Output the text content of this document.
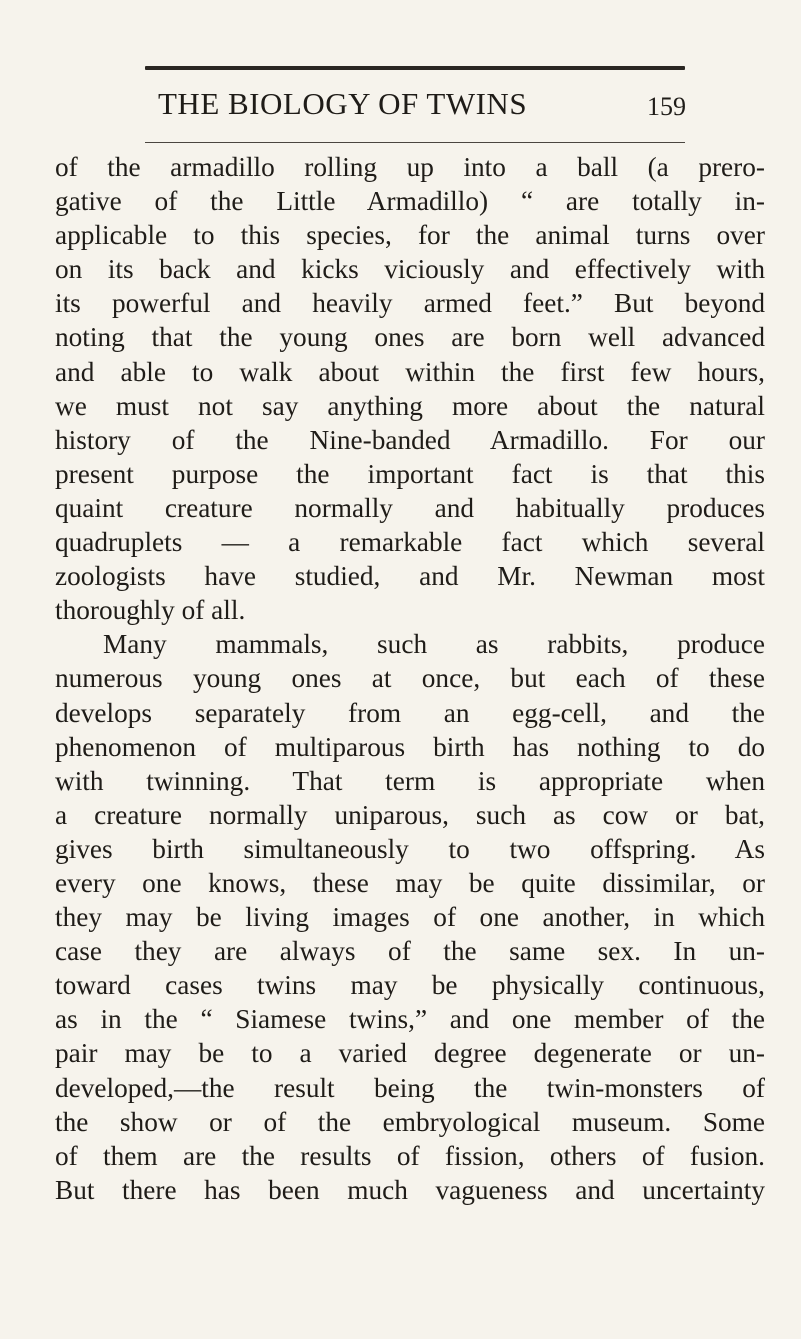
THE BIOLOGY OF TWINS	159
of the armadillo rolling up into a ball (a prero-
gative of the Little Armadillo) “ are totally in-
applicable to this species, for the animal turns over
on its back and kicks viciously and effectively with
its powerful and heavily armed feet.” But beyond
noting that the young ones are born well advanced
and able to walk about within the first few hours,
we must not say anything more about the natural
history of the Nine-banded Armadillo. For our
present purpose the important fact is that this
quaint creature normally and habitually produces
quadruplets — a remarkable fact which several
zoologists have studied, and Mr. Newman most
thoroughly of all.
Many mammals, such as rabbits, produce
numerous young ones at once, but each of these
develops separately from an egg-cell, and the
phenomenon of multiparous birth has nothing to do
with twinning. That term is appropriate when
a creature normally uniparous, such as cow or bat,
gives birth simultaneously to two offspring. As
every one knows, these may be quite dissimilar, or
they may be living images of one another, in which
case they are always of the same sex. In un-
toward cases twins may be physically continuous,
as in the “ Siamese twins,” and one member of the
pair may be to a varied degree degenerate or un-
developed,—the result being the twin-monsters of
the show or of the embryological museum. Some
of them are the results of fission, others of fusion.
But there has been much vagueness and uncertainty
